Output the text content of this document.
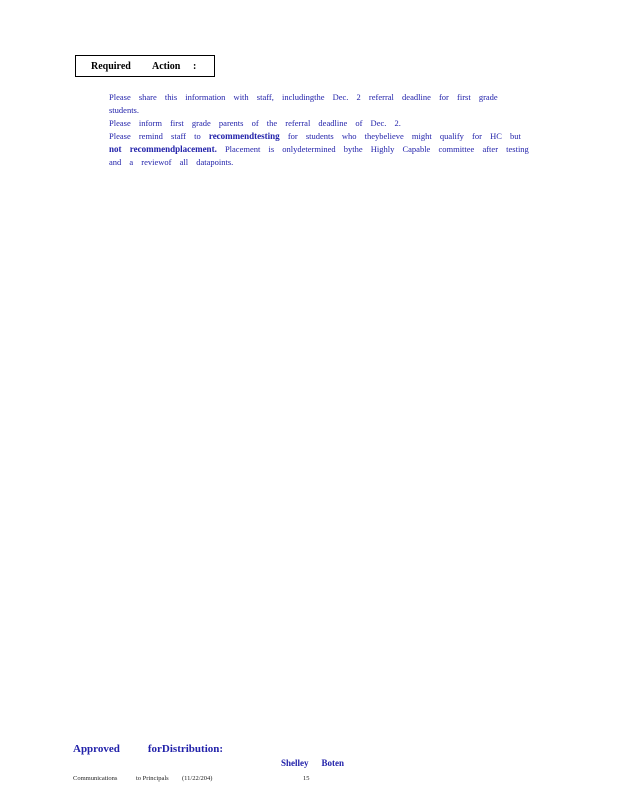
Required Action :
Please share this information with staff, includingthe Dec. 2 referral deadline for first grade students.
Please inform first grade parents of the referral deadline of Dec. 2.
Please remind staff to recommendtesting for students who theybelieve might qualify for HC but not recommendplacement. Placement is onlydetermined bythe Highly Capable committee after testing and a reviewof all datapoints.
Approved	forDistribution:
Shelley Boten
Communications	to Principals (11/22/204)	15
